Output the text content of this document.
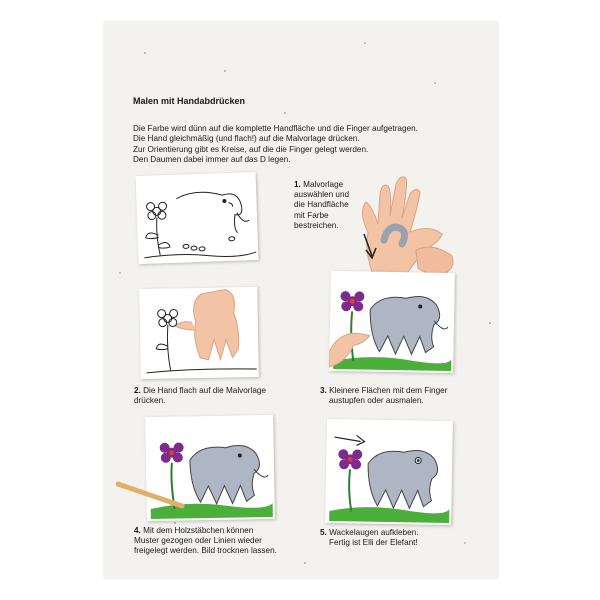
Malen mit Handabdrücken
Die Farbe wird dünn auf die komplette Handfläche und die Finger aufgetragen.
Die Hand gleichmäßig (und flach!) auf die Malvorlage drücken.
Zur Orientierung gibt es Kreise, auf die die Finger gelegt werden.
Den Daumen dabei immer auf das D legen.
1. Malvorlage
auswählen und
die Handfläche
mit Farbe
bestreichen.
2. Die Hand flach auf die Malvorlage
drücken.
3. Kleinere Flächen mit dem Finger
austupfen oder ausmalen.
4. Mit dem Holzstäbchen können
Muster gezogen oder Linien wieder
freigelegt werden. Bild trocknen lassen.
5. Wackelaugen aufkleben.
Fertig ist Elli der Elefant!
